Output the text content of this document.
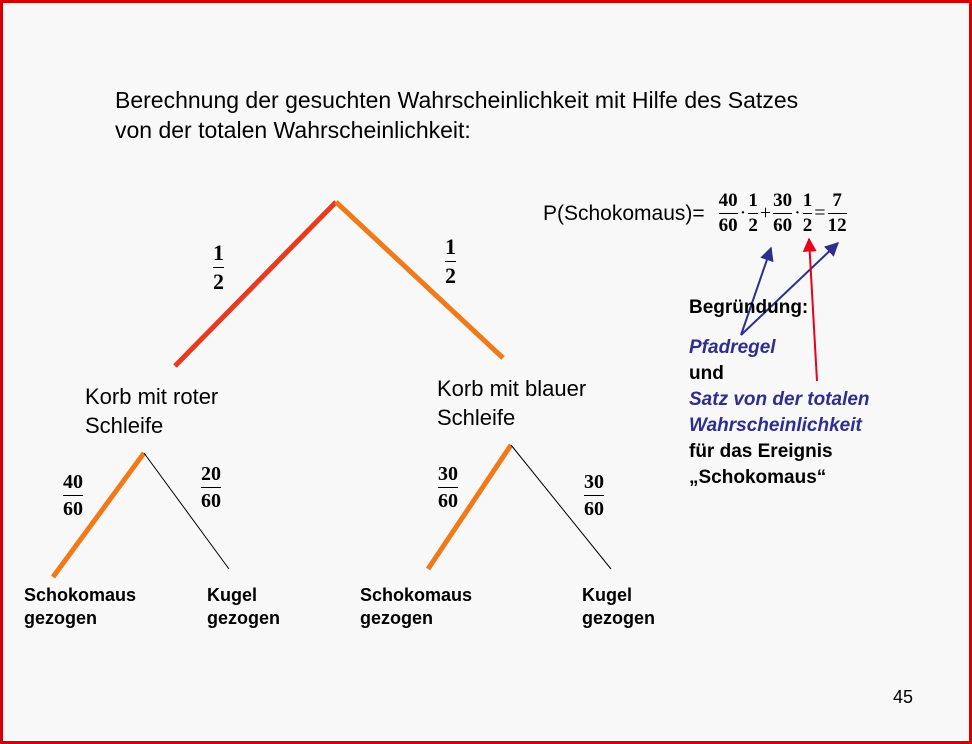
Berechnung der gesuchten Wahrscheinlichkeit mit Hilfe des Satzes
von der totalen Wahrscheinlichkeit:
1
2
1
2
Korb mit roter
Schleife
Korb mit blauer
Schleife
40
60
20
60
30
60
30
60
Schokomaus
gezogen
Kugel
gezogen
Schokomaus
gezogen
Kugel
gezogen
P(Schokomaus)= $\frac{40}{60} \cdot \frac{1}{2} + \frac{30}{60} \cdot \frac{1}{2} = \frac{7}{12}$
Begründung:
Pfadregel
und
Satz von der totalen
Wahrscheinlichkeit
für das Ereignis
„Schokomaus“
45
